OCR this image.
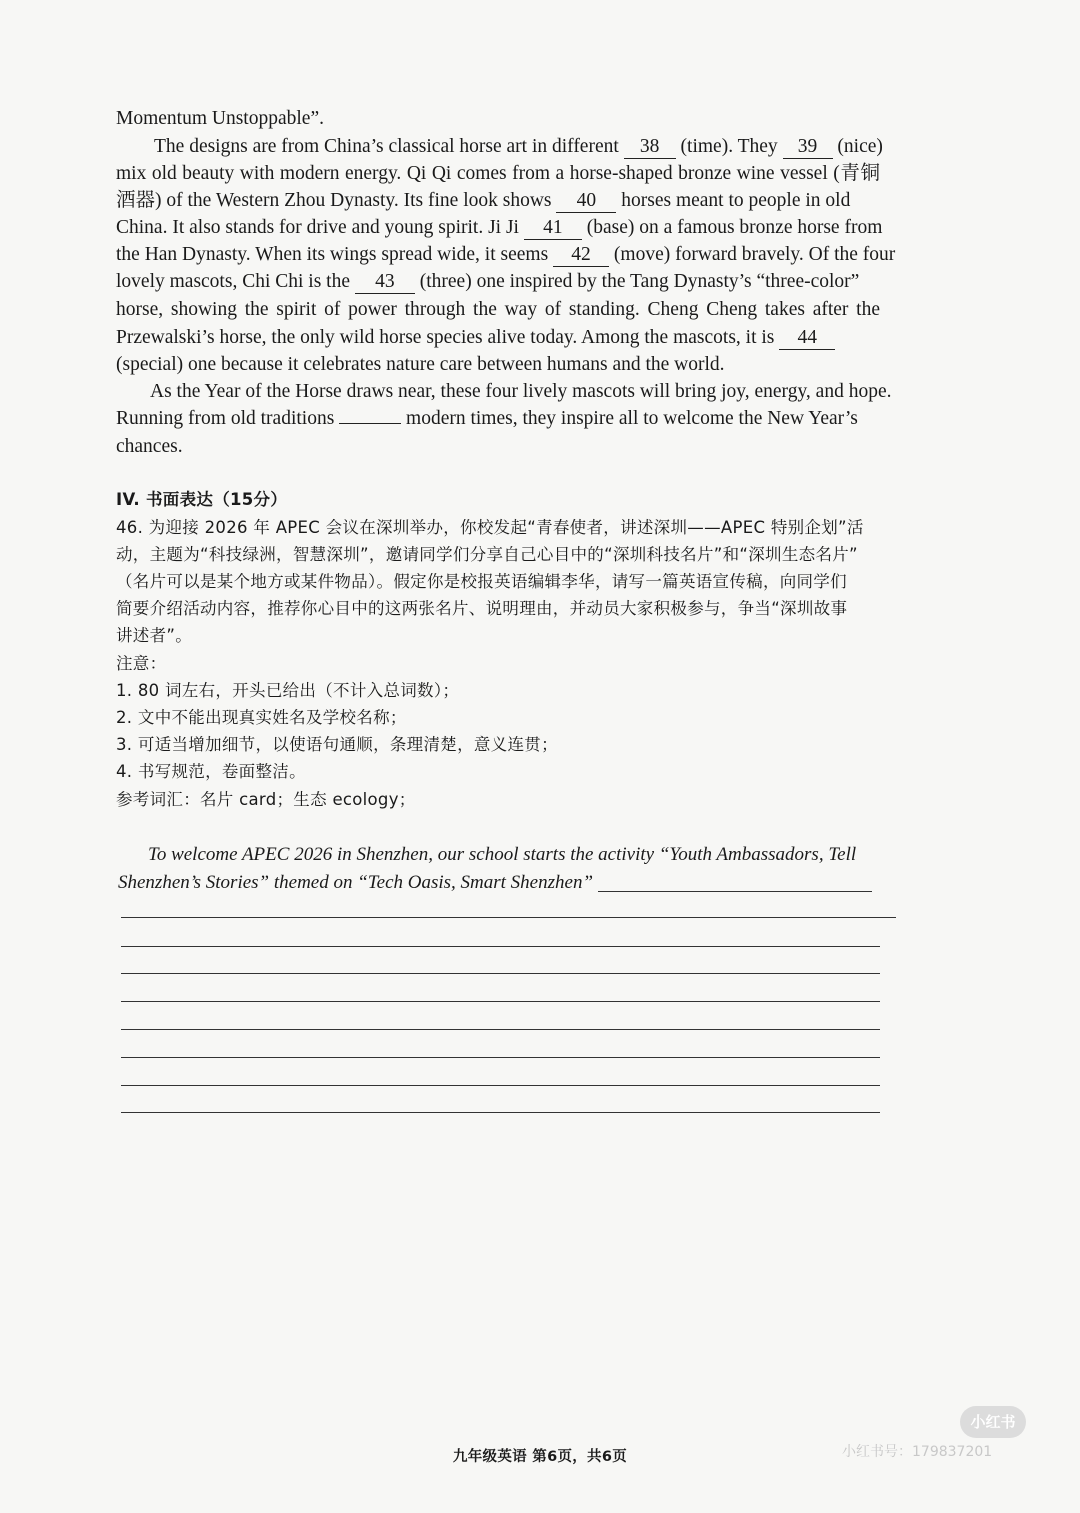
Momentum Unstoppable”.
The designs are from China’s classical horse art in different 38 (time). They 39 (nice)
mix old beauty with modern energy. Qi Qi comes from a horse-shaped bronze wine vessel (青铜
酒器) of the Western Zhou Dynasty. Its fine look shows 40 horses meant to people in old
China. It also stands for drive and young spirit. Ji Ji 41 (base) on a famous bronze horse from
the Han Dynasty. When its wings spread wide, it seems 42 (move) forward bravely. Of the four
lovely mascots, Chi Chi is the 43 (three) one inspired by the Tang Dynasty’s “three-color”
horse, showing the spirit of power through the way of standing. Cheng Cheng takes after the
Przewalski’s horse, the only wild horse species alive today. Among the mascots, it is 44
(special) one because it celebrates nature care between humans and the world.
As the Year of the Horse draws near, these four lively mascots will bring joy, energy, and hope.
Running from old traditions	modern times, they inspire all to welcome the New Year’s
chances.
IV. 书面表达（15分）
46. 为迎接 2026 年 APEC 会议在深圳举办，你校发起“青春使者，讲述深圳——APEC 特别企划”活
动，主题为“科技绿洲，智慧深圳”，邀请同学们分享自己心目中的“深圳科技名片”和“深圳生态名片”
（名片可以是某个地方或某件物品）。假定你是校报英语编辑李华，请写一篇英语宣传稿，向同学们
简要介绍活动内容，推荐你心目中的这两张名片、说明理由，并动员大家积极参与，争当“深圳故事
讲述者”。
注意：
1. 80 词左右，开头已给出（不计入总词数）；
2. 文中不能出现真实姓名及学校名称；
3. 可适当增加细节，以使语句通顺，条理清楚，意义连贯；
4. 书写规范，卷面整洁。
参考词汇：名片 card；生态 ecology；
To welcome APEC 2026 in Shenzhen, our school starts the activity “Youth Ambassadors, Tell
Shenzhen’s Stories” themed on “Tech Oasis, Smart Shenzhen”
九年级英语 第6页，共6页
小红书
小红书号：179837201
